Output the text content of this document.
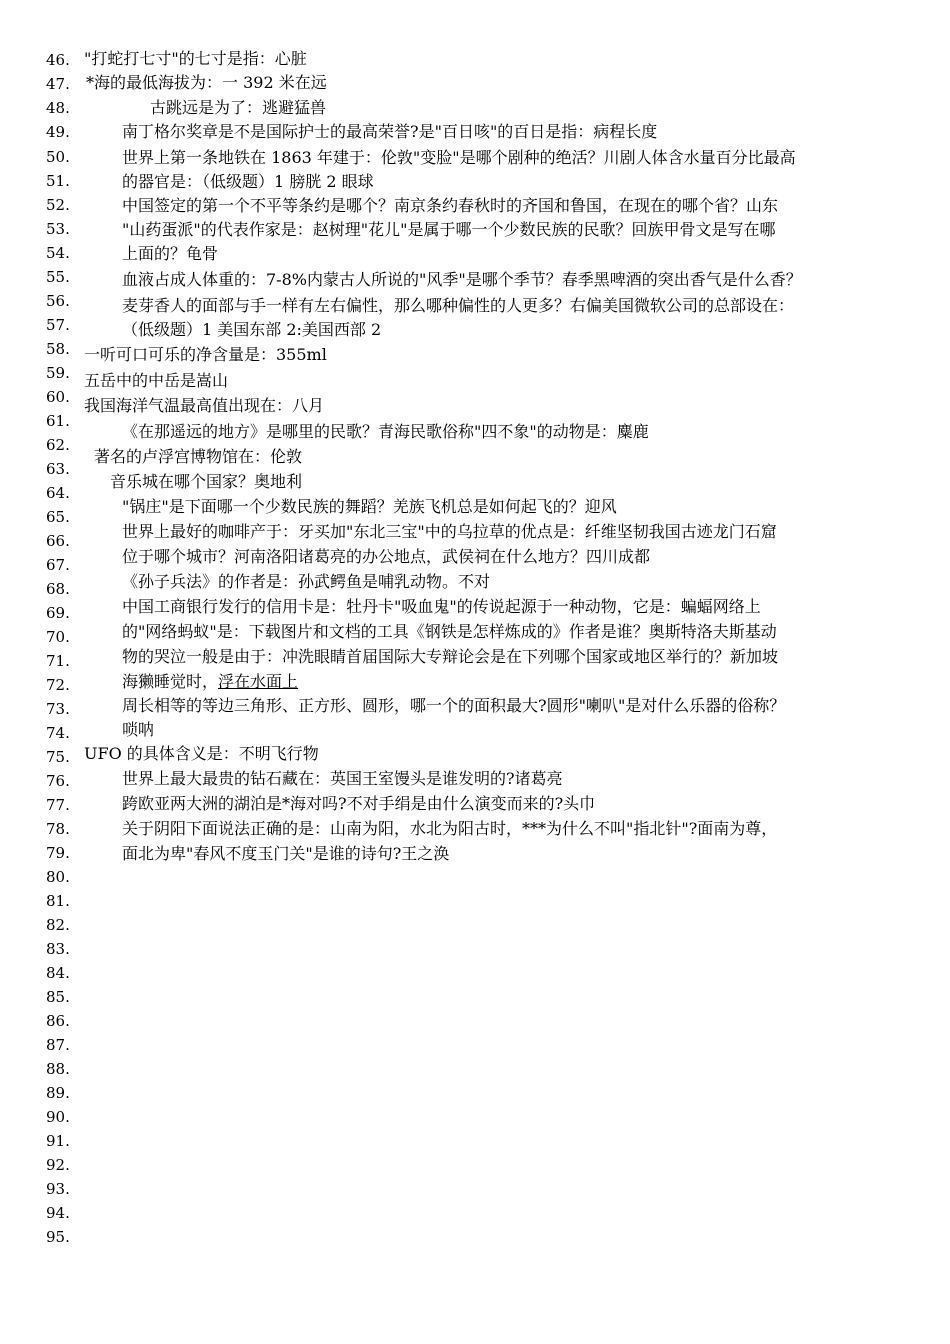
46.
47.
48.
49.
50.
51.
52.
53.
54.
55.
56.
57.
58.
59.
60.
61.
62.
63.
64.
65.
66.
67.
68.
69.
70.
71.
72.
73.
74.
75.
76.
77.
78.
79.
80.
81.
82.
83.
84.
85.
86.
87.
88.
89.
90.
91.
92.
93.
94.
95.
"打蛇打七寸"的七寸是指：心脏
*海的最低海拔为：一 392 米在远
古跳远是为了：逃避猛兽
南丁格尔奖章是不是国际护士的最高荣誉?是"百日咳"的百日是指：病程长度
世界上第一条地铁在 1863 年建于：伦敦"变脸"是哪个剧种的绝活？川剧人体含水量百分比最高
的器官是：（低级题）1 膀胱 2 眼球
中国签定的第一个不平等条约是哪个？南京条约春秋时的齐国和鲁国，在现在的哪个省？山东
"山药蛋派"的代表作家是：赵树理"花儿"是属于哪一个少数民族的民歌？回族甲骨文是写在哪
上面的？龟骨
血液占成人体重的：7-8%内蒙古人所说的"风季"是哪个季节？春季黑啤酒的突出香气是什么香？
麦芽香人的面部与手一样有左右偏性，那么哪种偏性的人更多？右偏美国微软公司的总部设在：
（低级题）1 美国东部 2:美国西部 2
一听可口可乐的净含量是：355ml
五岳中的中岳是嵩山
我国海洋气温最高值出现在：八月
《在那遥远的地方》是哪里的民歌？青海民歌俗称"四不象"的动物是：麋鹿
著名的卢浮宫博物馆在：伦敦
音乐城在哪个国家？奥地利
"锅庄"是下面哪一个少数民族的舞蹈？羌族飞机总是如何起飞的？迎风
世界上最好的咖啡产于：牙买加"东北三宝"中的乌拉草的优点是：纤维坚韧我国古迹龙门石窟
位于哪个城市？河南洛阳诸葛亮的办公地点，武侯祠在什么地方？四川成都
《孙子兵法》的作者是：孙武鳄鱼是哺乳动物。不对
中国工商银行发行的信用卡是：牡丹卡"吸血鬼"的传说起源于一种动物，它是：蝙蝠网络上
的"网络蚂蚁"是：下载图片和文档的工具《钢铁是怎样炼成的》作者是谁？奥斯特洛夫斯基动
物的哭泣一般是由于：冲洗眼睛首届国际大专辩论会是在下列哪个国家或地区举行的？新加坡
海獭睡觉时，浮在水面上
周长相等的等边三角形、正方形、圆形，哪一个的面积最大?圆形"喇叭"是对什么乐器的俗称？
唢呐
UFO 的具体含义是：不明飞行物
世界上最大最贵的钻石藏在：英国王室馒头是谁发明的?诸葛亮
跨欧亚两大洲的湖泊是*海对吗?不对手绢是由什么演变而来的?头巾
关于阴阳下面说法正确的是：山南为阳，水北为阳古时，***为什么不叫"指北针"?面南为尊，
面北为卑"春风不度玉门关"是谁的诗句?王之涣
